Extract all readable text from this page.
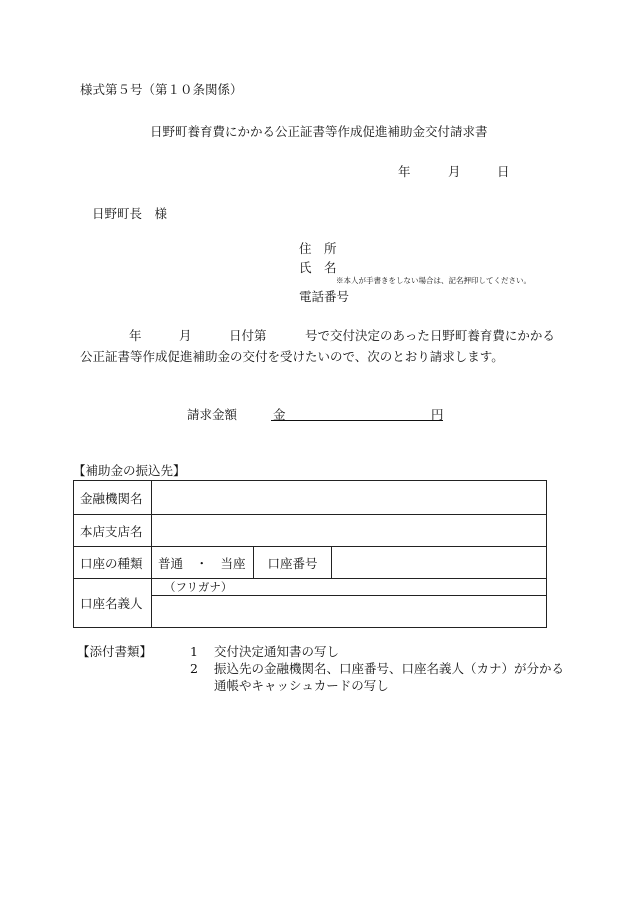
様式第５号（第１０条関係）
日野町養育費にかかる公正証書等作成促進補助金交付請求書
年	月	日
日野町長　様
住　所
氏　名
※本人が手書きをしない場合は、記名押印してください。
電話番号
年	月	日付第	号で交付決定のあった日野町養育費にかかる
公正証書等作成促進補助金の交付を受けたいので、次のとおり請求します。
請求金額	金	円
【補助金の振込先】
金融機関名			
本店支店名			
口座の種類	普通　・　当座	口座番号	
口座名義人	（フリガナ）		

【添付書類】	1 交付決定通知書の写し
2 振込先の金融機関名、口座番号、口座名義人（カナ）が分かる
通帳やキャッシュカードの写し
